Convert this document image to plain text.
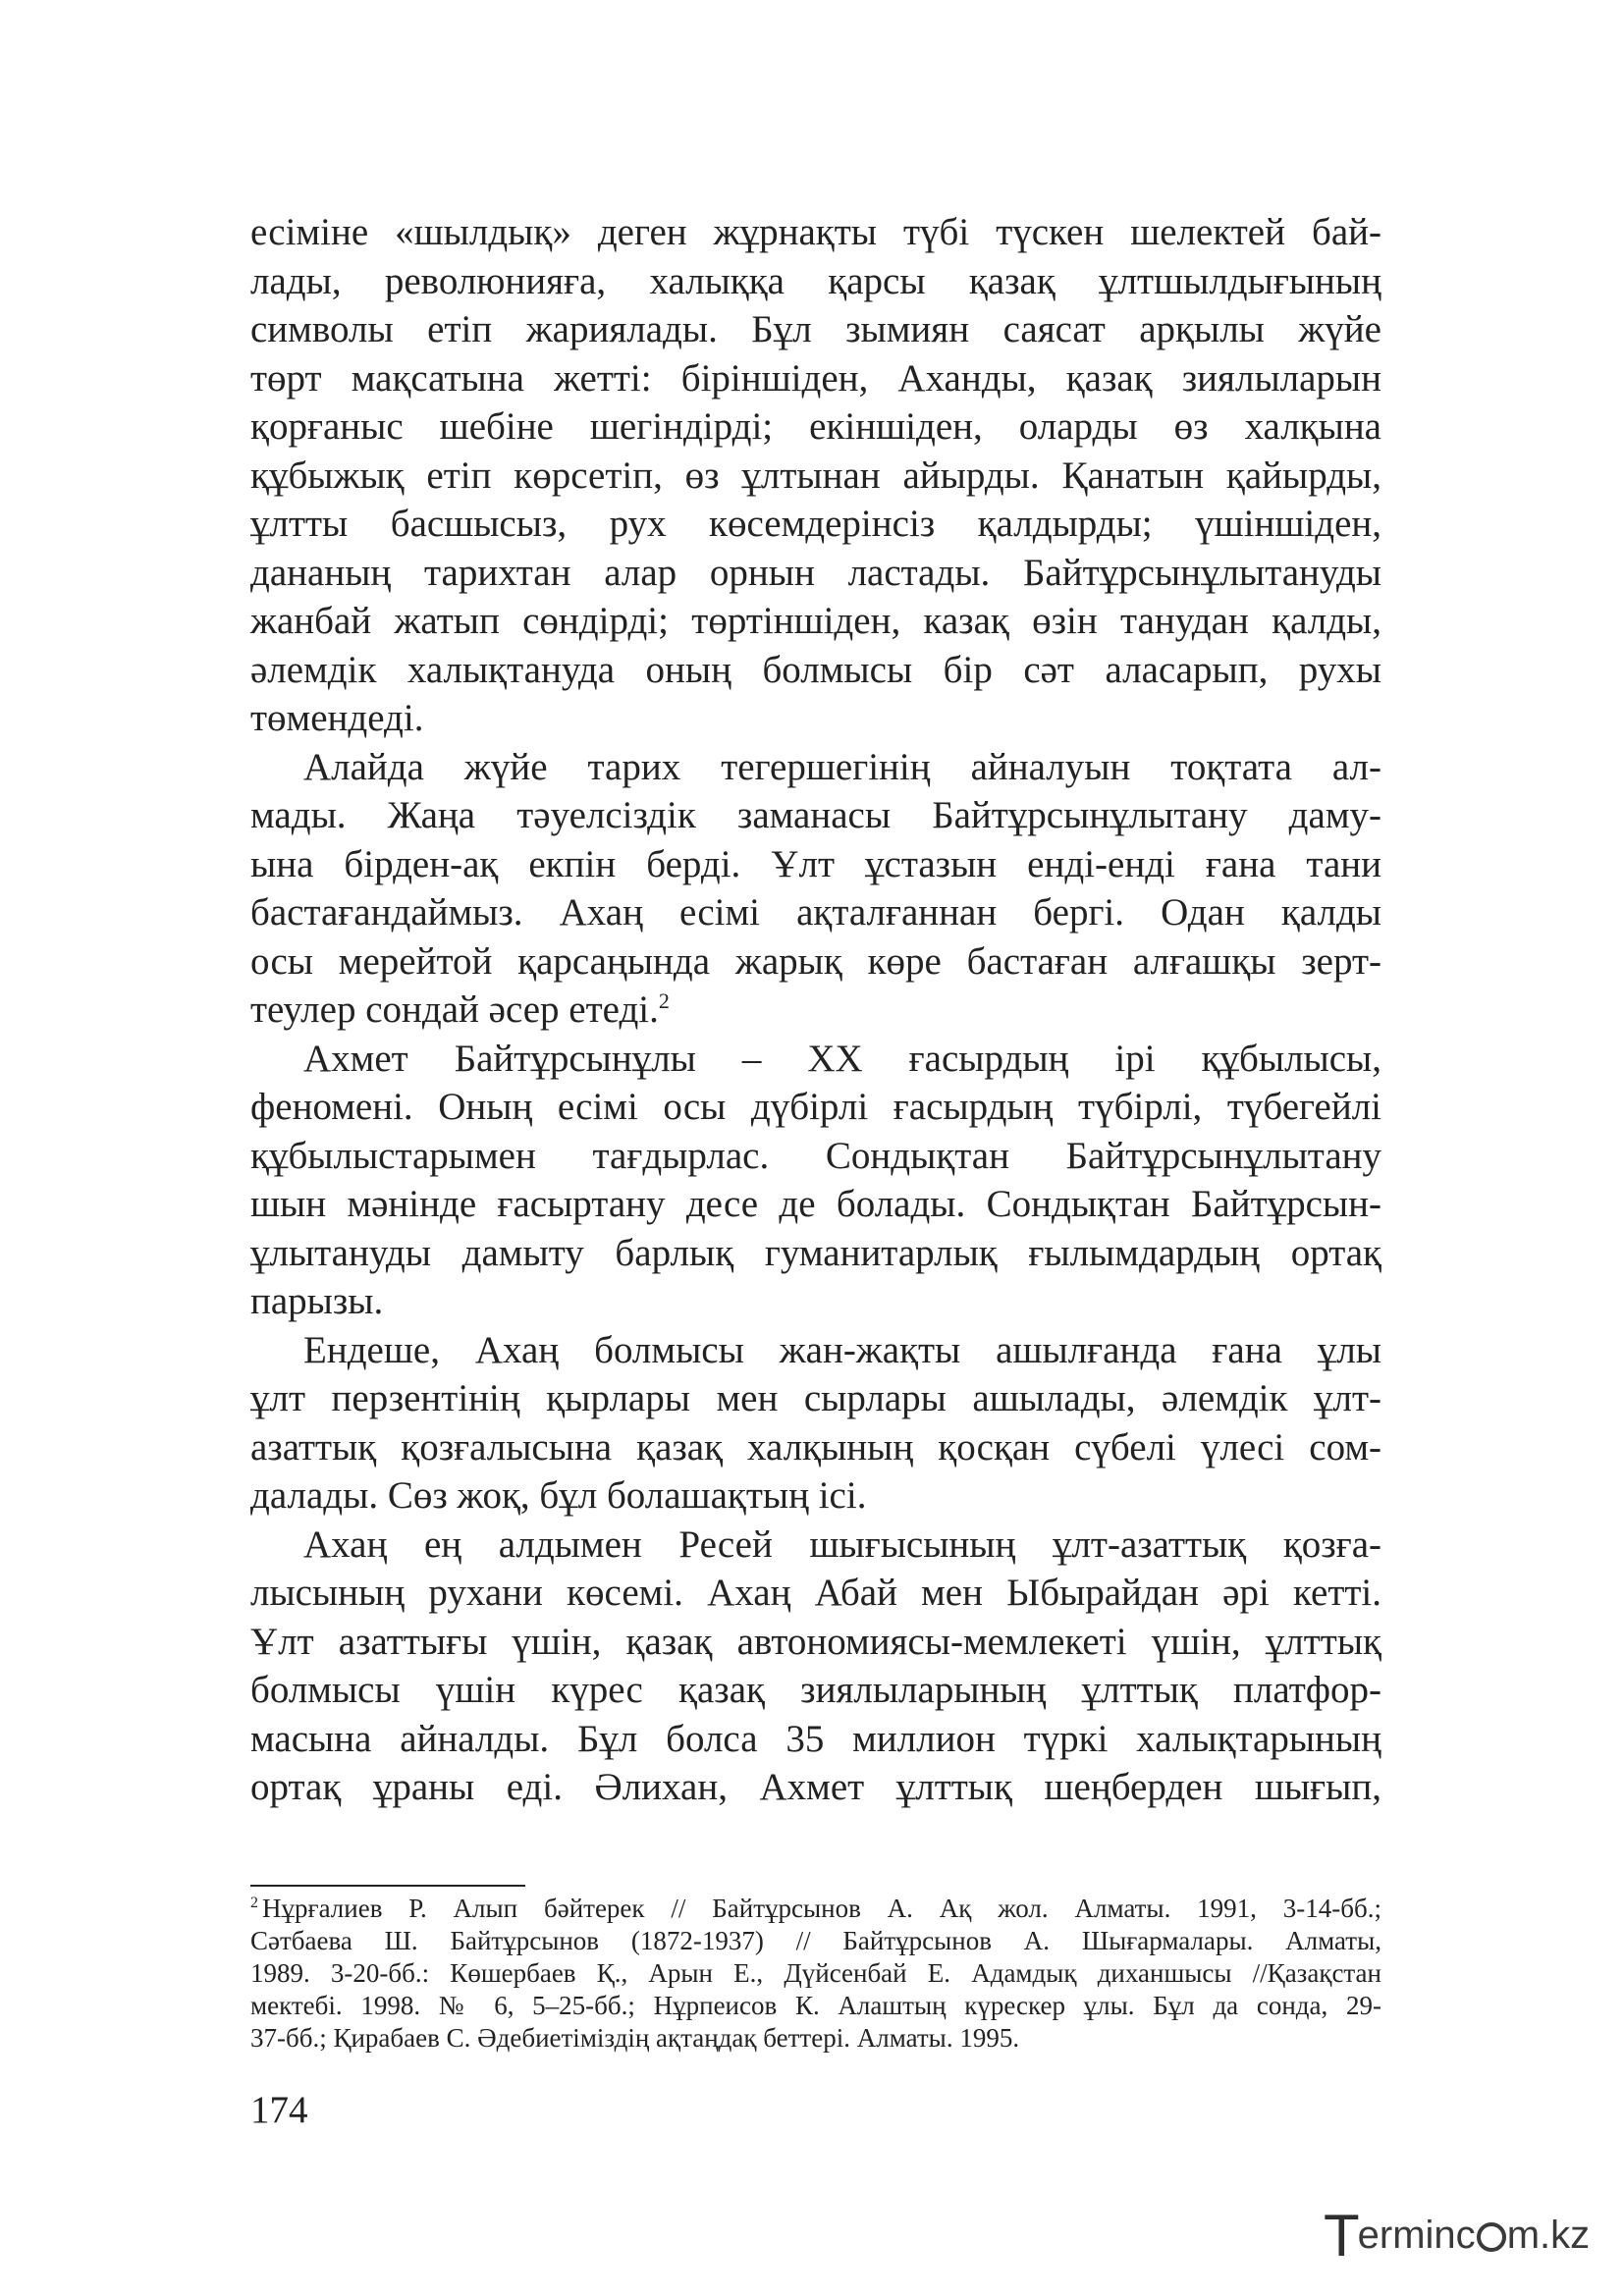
есіміне «шылдық» деген жұрнақты түбі түскен шелектей бай-
лады, революнияға, халыққа қарсы қазақ ұлтшылдығының
символы етіп жариялады. Бұл зымиян саясат арқылы жүйе
төрт мақсатына жетті: біріншіден, Аханды, қазақ зиялыларын
қорғаныс шебіне шегіндірді; екіншіден, оларды өз халқына
құбыжық етіп көрсетіп, өз ұлтынан айырды. Қанатын қайырды,
ұлтты басшысыз, рух көсемдерінсіз қалдырды; үшіншіден,
дананың тарихтан алар орнын ластады. Байтұрсынұлытануды
жанбай жатып сөндірді; төртіншіден, казақ өзін танудан қалды,
әлемдік халықтануда оның болмысы бір сәт аласарып, рухы
төмендеді.
Алайда жүйе тарих тегершегінің айналуын тоқтата ал-
мады. Жаңа тәуелсіздік заманасы Байтұрсынұлытану даму-
ына бірден-ақ екпін берді. Ұлт ұстазын енді-енді ғана тани
бастағандаймыз. Ахаң есімі ақталғаннан бергі. Одан қалды
осы мерейтой қарсаңында жарық көре бастаған алғашқы зерт-
теулер сондай әсер етеді.$^2$
Ахмет Байтұрсынұлы – XX ғасырдың ірі құбылысы,
феномені. Оның есімі осы дүбірлі ғасырдың түбірлі, түбегейлі
құбылыстарымен тағдырлас. Сондықтан Байтұрсынұлытану
шын мәнінде ғасыртану десе де болады. Сондықтан Байтұрсын-
ұлытануды дамыту барлық гуманитарлық ғылымдардың ортақ
парызы.
Ендеше, Ахаң болмысы жан-жақты ашылғанда ғана ұлы
ұлт перзентінің қырлары мен сырлары ашылады, әлемдік ұлт-
азаттық қозғалысына қазақ халқының қосқан сүбелі үлесі сом-
далады. Сөз жоқ, бұл болашақтың ісі.
Ахаң ең алдымен Ресей шығысының ұлт-азаттық қозға-
лысының рухани көсемі. Ахаң Абай мен Ыбырайдан әрі кетті.
Ұлт азаттығы үшін, қазақ автономиясы-мемлекеті үшін, ұлттық
болмысы үшін күрес қазақ зиялыларының ұлттық платфор-
масына айналды. Бұл болса 35 миллион түркі халықтарының
ортақ ұраны еді. Әлихан, Ахмет ұлттық шеңберден шығып,
$^2$ Нұрғалиев Р. Алып бәйтерек // Байтұрсынов А. Ақ жол. Алматы. 1991, 3-14-бб.;
Сәтбаева Ш. Байтұрсынов (1872-1937) // Байтұрсынов А. Шығармалары. Алматы,
1989. 3-20-бб.: Көшербаев Қ., Арын Е., Дүйсенбай Е. Адамдық диханшысы //Қазақстан
мектебі. 1998. № 6, 5–25-бб.; Нұрпеисов К. Алаштың күрескер ұлы. Бұл да сонда, 29-
37-бб.; Қирабаев С. Әдебиетіміздің ақтаңдақ беттері. Алматы. 1995.
174
T erminc m.kz
